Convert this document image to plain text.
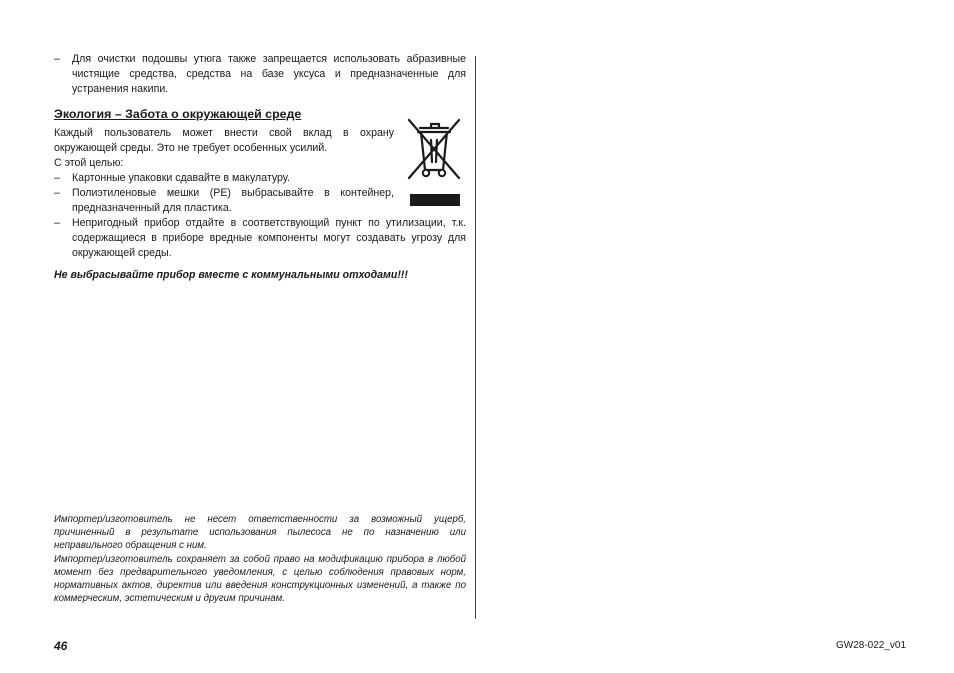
–	Для очистки подошвы утюга также запрещается использовать абразивные чистящие средства, средства на базе уксуса и предназначенные для устранения накипи.
Экология – Забота о окружающей среде
Каждый пользователь может внести свой вклад в охрану окружающей среды. Это не требует особенных усилий.
С этой целью:
–	Картонные упаковки сдавайте в макулатуру.
–	Полиэтиленовые мешки (PE) выбрасывайте в контейнер, предназначенный для пластика.
–	Непригодный прибор отдайте в соответствующий пункт по утилизации, т.к. содержащиеся в приборе вредные компоненты могут создавать угрозу для окружающей среды.
Не выбрасывайте прибор вместе с коммунальными отходами!!!
Импортер/изготовитель не несет ответственности за возможный ущерб, причиненный в результате использования пылесоса не по назначению или неправильного обращения с ним.
Импортер/изготовитель сохраняет за собой право на модификацию прибора в любой момент без предварительного уведомления, с целью соблюдения правовых норм, нормативных актов, директив или введения конструкционных изменений, а также по коммерческим, эстетическим и другим причинам.
46	GW28-022_v01
